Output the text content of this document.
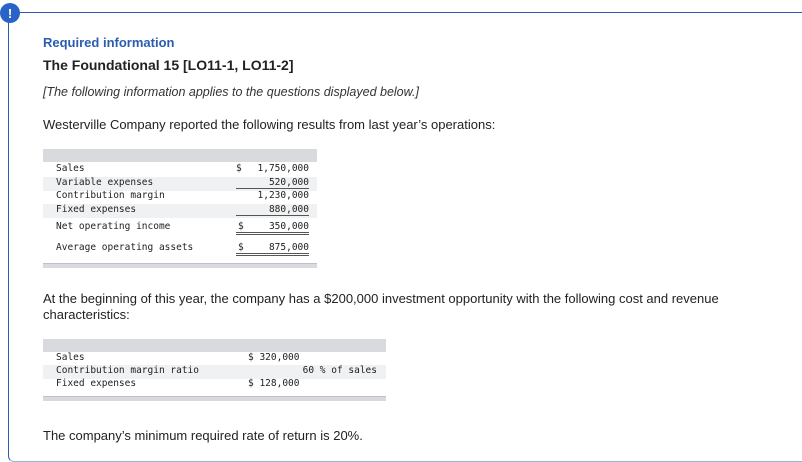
!
Required information
The Foundational 15 [LO11-1, LO11-2]
[The following information applies to the questions displayed below.]
Westerville Company reported the following results from last year’s operations:
Sales	$	1,750,000
Variable expenses	520,000
Contribution margin	1,230,000
Fixed expenses	880,000
Net operating income	$	350,000
Average operating assets	$	875,000
At the beginning of this year, the company has a $200,000 investment opportunity with the following cost and revenue characteristics:
Sales	$ 320,000
Contribution margin ratio	60 % of sales
Fixed expenses	$ 128,000
The company’s minimum required rate of return is 20%.
